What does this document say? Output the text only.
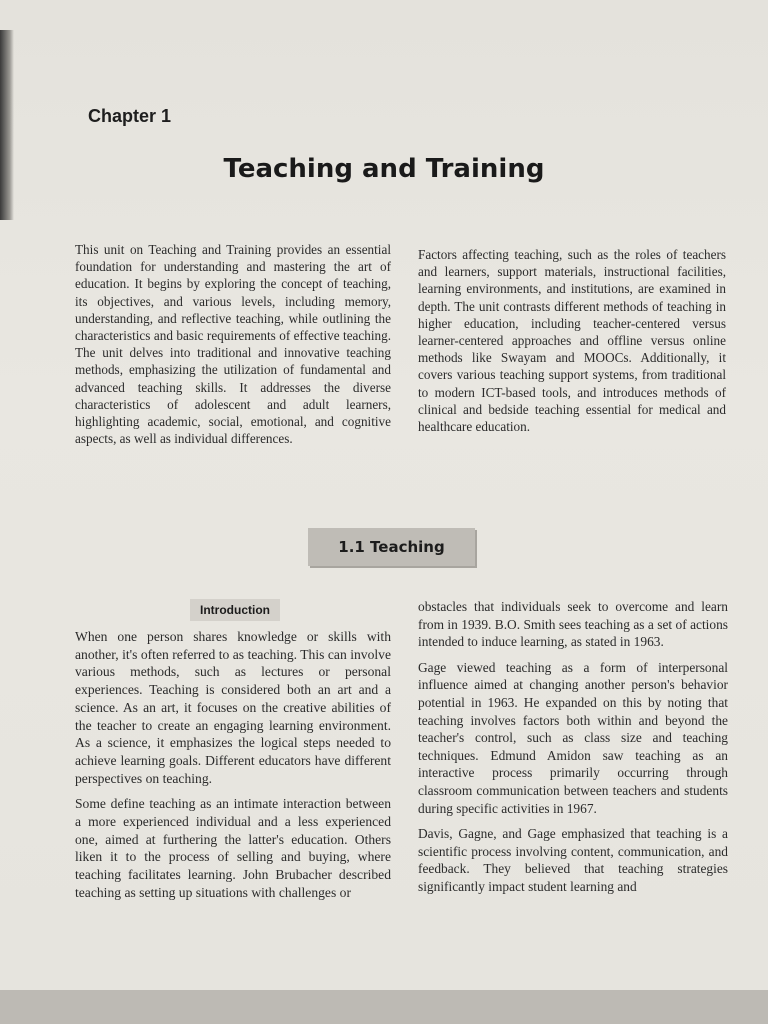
Chapter 1
Teaching and Training

This unit on Teaching and Training provides an essential foundation for understanding and mastering the art of education. It begins by exploring the concept of teaching, its objectives, and various levels, including memory, understanding, and reflective teaching, while outlining the characteristics and basic requirements of effective teaching. The unit delves into traditional and innovative teaching methods, emphasizing the utilization of fundamental and advanced teaching skills. It addresses the diverse characteristics of adolescent and adult learners, highlighting academic, social, emotional, and cognitive aspects, as well as individual differences.

Factors affecting teaching, such as the roles of teachers and learners, support materials, instructional facilities, learning environments, and institutions, are examined in depth. The unit contrasts different methods of teaching in higher education, including teacher-centered versus learner-centered approaches and offline versus online methods like Swayam and MOOCs. Additionally, it covers various teaching support systems, from traditional to modern ICT-based tools, and introduces methods of clinical and bedside teaching essential for medical and healthcare education.

1.1 Teaching
Introduction

When one person shares knowledge or skills with another, it's often referred to as teaching. This can involve various methods, such as lectures or personal experiences. Teaching is considered both an art and a science. As an art, it focuses on the creative abilities of the teacher to create an engaging learning environment. As a science, it emphasizes the logical steps needed to achieve learning goals. Different educators have different perspectives on teaching.

Some define teaching as an intimate interaction between a more experienced individual and a less experienced one, aimed at furthering the latter's education. Others liken it to the process of selling and buying, where teaching facilitates learning. John Brubacher described teaching as setting up situations with challenges or

obstacles that individuals seek to overcome and learn from in 1939. B.O. Smith sees teaching as a set of actions intended to induce learning, as stated in 1963.

Gage viewed teaching as a form of interpersonal influence aimed at changing another person's behavior potential in 1963. He expanded on this by noting that teaching involves factors both within and beyond the teacher's control, such as class size and teaching techniques. Edmund Amidon saw teaching as an interactive process primarily occurring through classroom communication between teachers and students during specific activities in 1967.

Davis, Gagne, and Gage emphasized that teaching is a scientific process involving content, communication, and feedback. They believed that teaching strategies significantly impact student learning and
